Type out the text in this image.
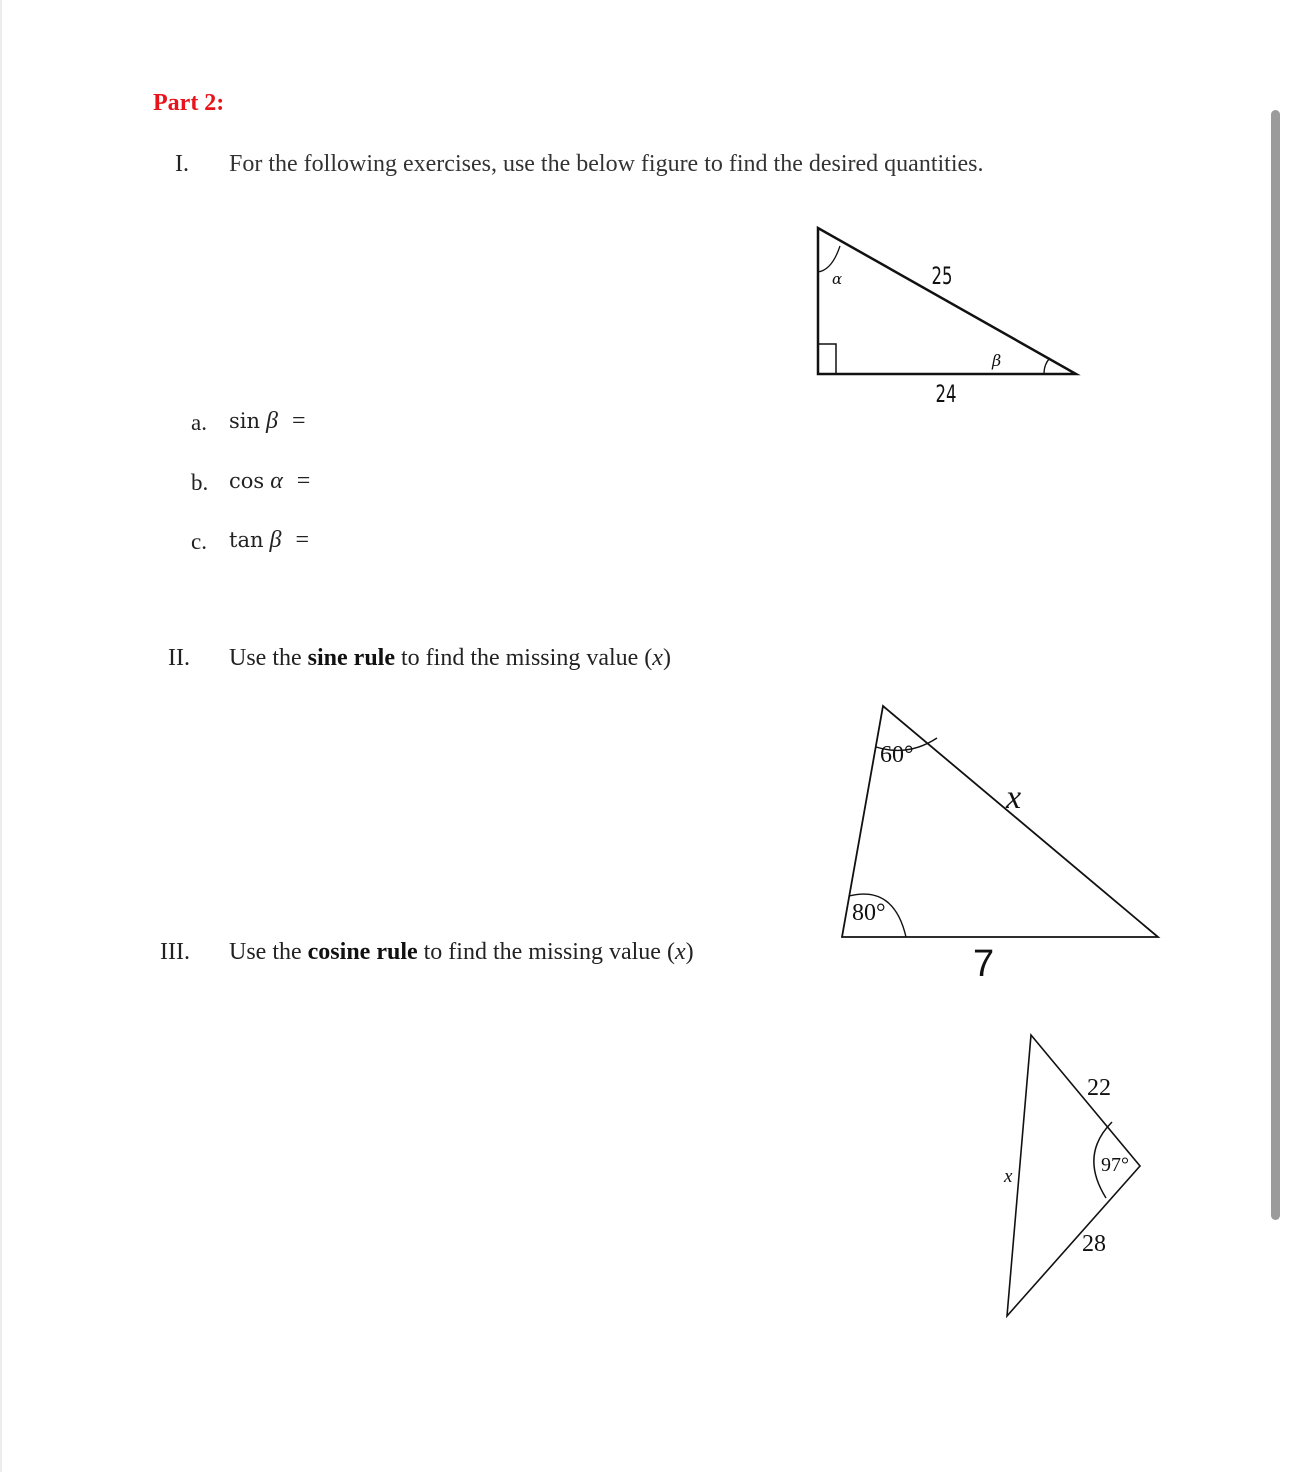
Part 2:
I. For the following exercises, use the below figure to find the desired quantities.
α
β
25
24
a. sin β =
b. cos α =
c. tan β =
II. Use the sine rule to find the missing value (x)
60°
80°
x
7
III. Use the cosine rule to find the missing value (x)
22
97°
28
x
